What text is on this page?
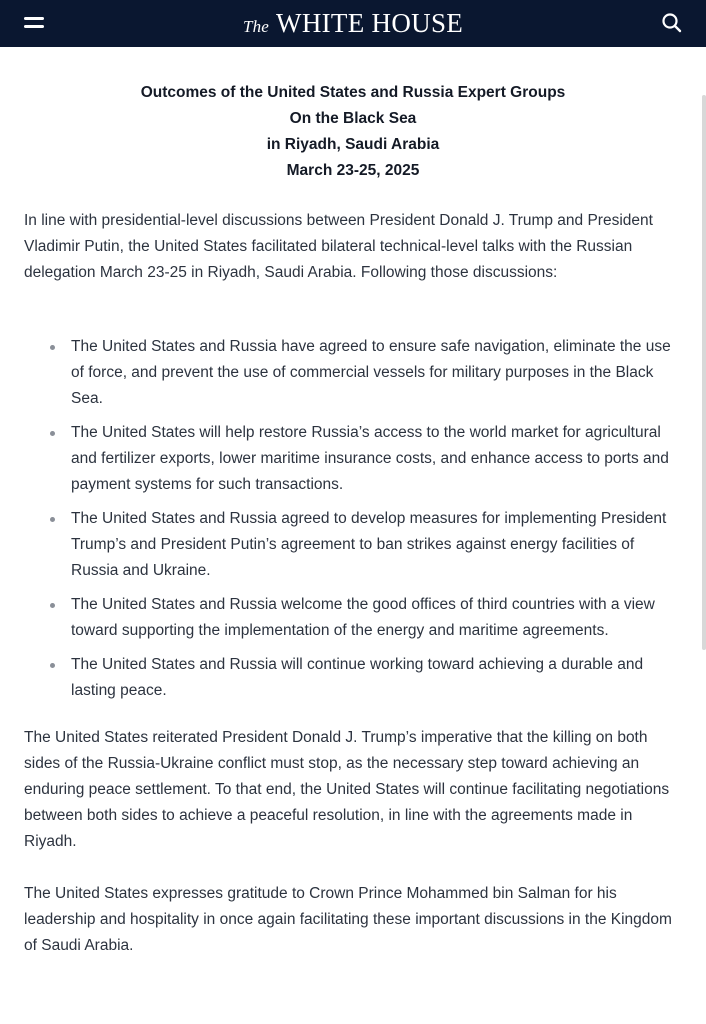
The WHITE HOUSE
Outcomes of the United States and Russia Expert Groups
On the Black Sea
in Riyadh, Saudi Arabia
March 23-25, 2025

In line with presidential-level discussions between President Donald J. Trump and President Vladimir Putin, the United States facilitated bilateral technical-level talks with the Russian delegation March 23-25 in Riyadh, Saudi Arabia. Following those discussions:

The United States and Russia have agreed to ensure safe navigation, eliminate the use of force, and prevent the use of commercial vessels for military purposes in the Black Sea.
The United States will help restore Russia’s access to the world market for agricultural and fertilizer exports, lower maritime insurance costs, and enhance access to ports and payment systems for such transactions.
The United States and Russia agreed to develop measures for implementing President Trump’s and President Putin’s agreement to ban strikes against energy facilities of Russia and Ukraine.
The United States and Russia welcome the good offices of third countries with a view toward supporting the implementation of the energy and maritime agreements.
The United States and Russia will continue working toward achieving a durable and lasting peace.

The United States reiterated President Donald J. Trump’s imperative that the killing on both sides of the Russia-Ukraine conflict must stop, as the necessary step toward achieving an enduring peace settlement. To that end, the United States will continue facilitating negotiations between both sides to achieve a peaceful resolution, in line with the agreements made in Riyadh.

The United States expresses gratitude to Crown Prince Mohammed bin Salman for his leadership and hospitality in once again facilitating these important discussions in the Kingdom of Saudi Arabia.
